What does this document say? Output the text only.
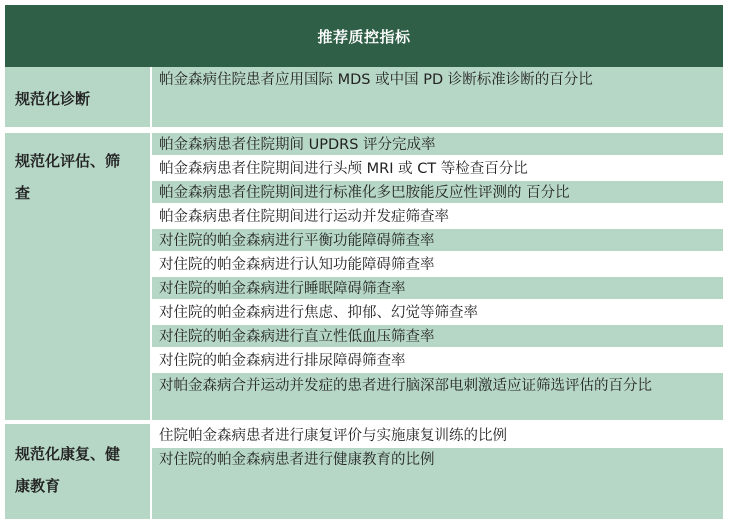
推荐质控指标
规范化诊断
帕金森病住院患者应用国际 MDS 或中国 PD 诊断标准诊断的百分比
规范化评估、筛
查
帕金森病患者住院期间 UPDRS 评分完成率
帕金森病患者住院期间进行头颅 MRI 或 CT 等检查百分比
帕金森病患者住院期间进行标准化多巴胺能反应性评测的 百分比
帕金森病患者住院期间进行运动并发症筛查率
对住院的帕金森病进行平衡功能障碍筛查率
对住院的帕金森病进行认知功能障碍筛查率
对住院的帕金森病进行睡眠障碍筛查率
对住院的帕金森病进行焦虑、抑郁、幻觉等筛查率
对住院的帕金森病进行直立性低血压筛查率
对住院的帕金森病进行排尿障碍筛查率
对帕金森病合并运动并发症的患者进行脑深部电刺激适应证筛选评估的百分比
规范化康复、健
康教育
住院帕金森病患者进行康复评价与实施康复训练的比例
对住院的帕金森病患者进行健康教育的比例
